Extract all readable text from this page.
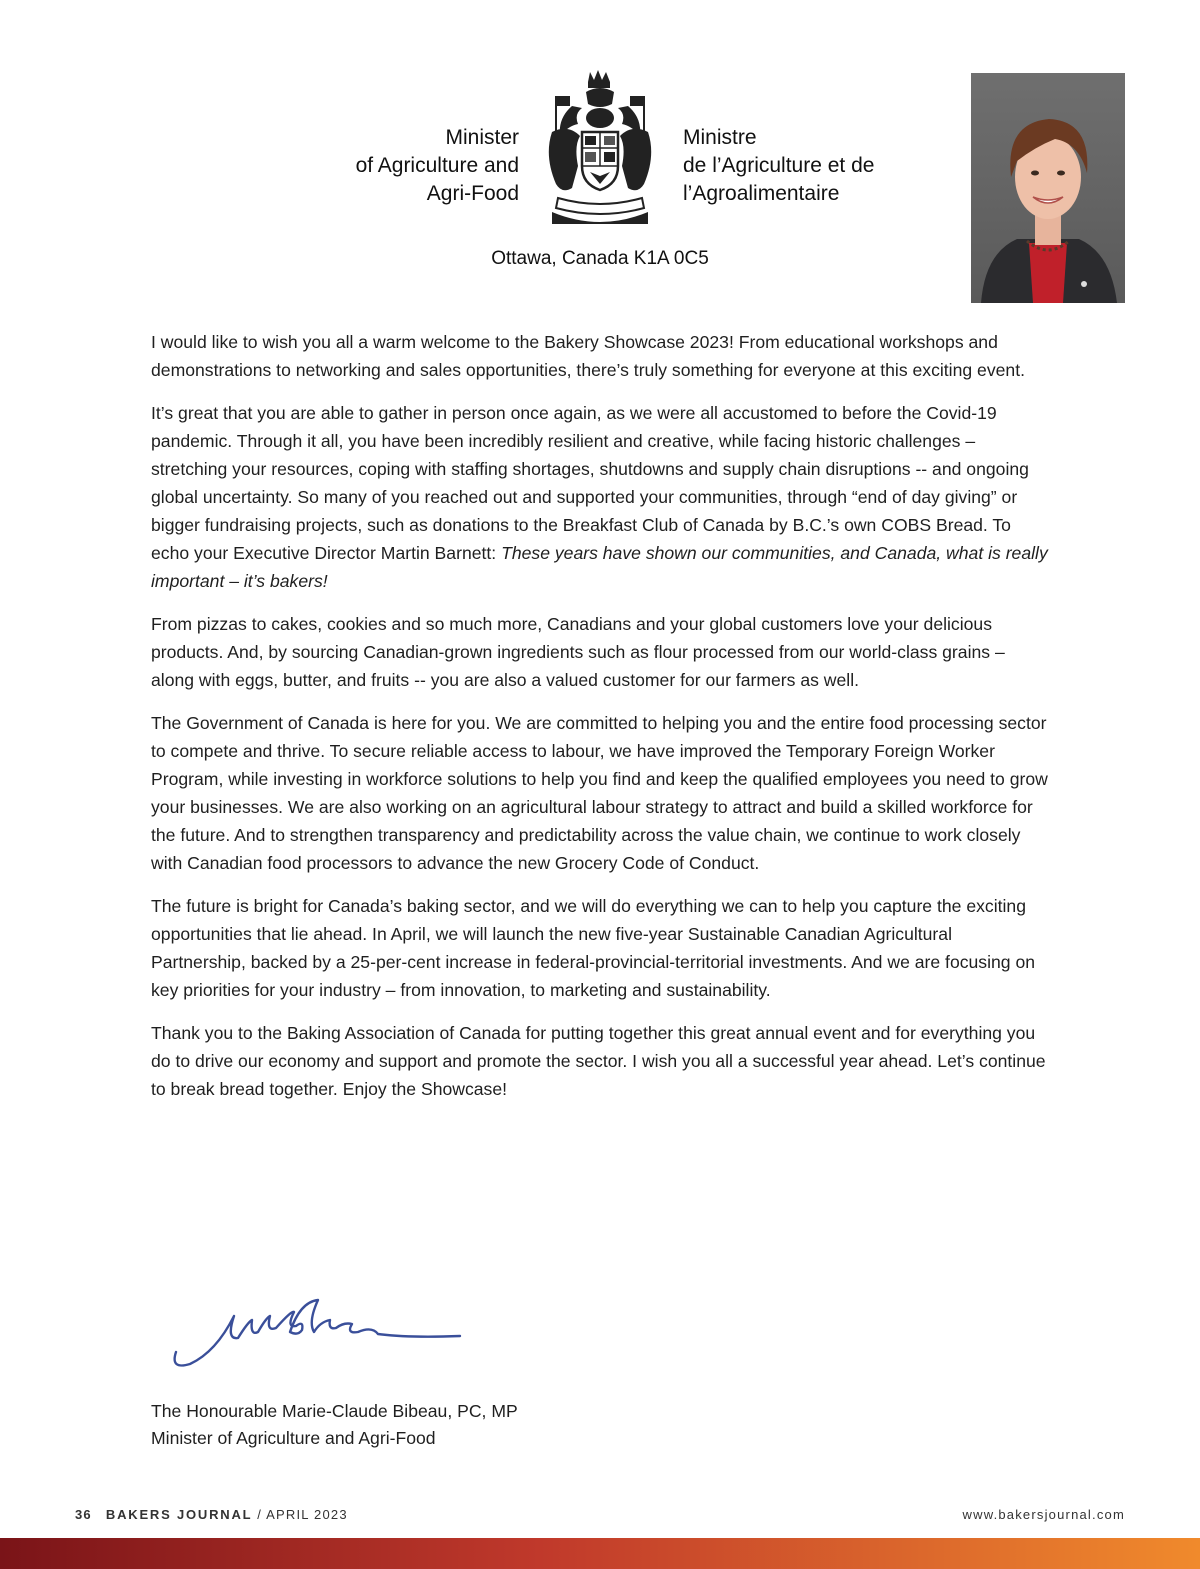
Minister
of Agriculture and
Agri-Food
Ministre
de l’Agriculture et de
l’Agroalimentaire
Ottawa, Canada K1A 0C5

I would like to wish you all a warm welcome to the Bakery Showcase 2023! From educational workshops and demonstrations to networking and sales opportunities, there’s truly something for everyone at this exciting event.

It’s great that you are able to gather in person once again, as we were all accustomed to before the Covid-19 pandemic. Through it all, you have been incredibly resilient and creative, while facing historic challenges – stretching your resources, coping with staffing shortages, shutdowns and supply chain disruptions -- and ongoing global uncertainty. So many of you reached out and supported your communities, through “end of day giving” or bigger fundraising projects, such as donations to the Breakfast Club of Canada by B.C.’s own COBS Bread. To echo your Executive Director Martin Barnett: These years have shown our communities, and Canada, what is really important – it’s bakers!

From pizzas to cakes, cookies and so much more, Canadians and your global customers love your delicious products. And, by sourcing Canadian-grown ingredients such as flour processed from our world-class grains – along with eggs, butter, and fruits -- you are also a valued customer for our farmers as well.

The Government of Canada is here for you. We are committed to helping you and the entire food processing sector to compete and thrive. To secure reliable access to labour, we have improved the Temporary Foreign Worker Program, while investing in workforce solutions to help you find and keep the qualified employees you need to grow your businesses. We are also working on an agricultural labour strategy to attract and build a skilled workforce for the future. And to strengthen transparency and predictability across the value chain, we continue to work closely with Canadian food processors to advance the new Grocery Code of Conduct.

The future is bright for Canada’s baking sector, and we will do everything we can to help you capture the exciting opportunities that lie ahead. In April, we will launch the new five-year Sustainable Canadian Agricultural Partnership, backed by a 25-per-cent increase in federal-provincial-territorial investments. And we are focusing on key priorities for your industry – from innovation, to marketing and sustainability.

Thank you to the Baking Association of Canada for putting together this great annual event and for everything you do to drive our economy and support and promote the sector. I wish you all a successful year ahead. Let’s continue to break bread together. Enjoy the Showcase!

The Honourable Marie-Claude Bibeau, PC, MP
Minister of Agriculture and Agri-Food
36 BAKERS JOURNAL / APRIL 2023	www.bakersjournal.com
